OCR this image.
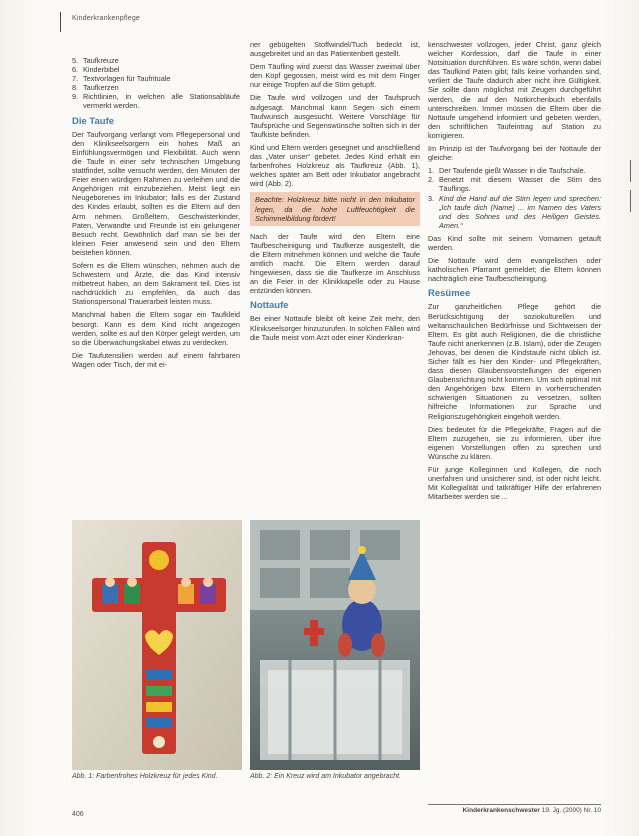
Kinderkrankenpflege
5. Taufkreuze
6. Kinderbibel
7. Textvorlagen für Taufrituale
8. Taufkerzen
9. Richtlinien, in welchen alle Stationsabläufe vermerkt werden.
Die Taufe

Der Taufvorgang verlangt vom Pflegepersonal und den Klinikseelsorgern ein hohes Maß an Einfühlungsvermögen und Flexibilität. Auch wenn die Taufe in einer sehr technischen Umgebung stattfindet, sollte versucht werden, den Minuten der Feier einen würdigen Rahmen zu verleihen und die Angehörigen mit einzubeziehen. Meist liegt ein Neugeborenes im Inkubator; falls es der Zustand des Kindes erlaubt, sollten es die Eltern auf den Arm nehmen. Großeltern, Geschwisterkinder, Paten, Verwandte und Freunde ist ein gelungener Besuch recht. Gewöhnlich darf man sie bei der kleinen Feier anwesend sein und den Eltern beistehen können.

Sofern es die Eltern wünschen, nehmen auch die Schwestern und Ärzte, die das Kind intensiv mitbetreut haben, an dem Sakrament teil. Dies ist nachdrücklich zu empfehlen, da auch das Stationspersonal Trauerarbeit leisten muss.

Manchmal haben die Eltern sogar ein Taufkleid besorgt. Kann es dem Kind nicht angezogen werden, sollte es auf den Körper gelegt werden, um so die Überwachungskabel etwas zu verdecken.

Die Taufutensilien werden auf einem fahrbaren Wagen oder Tisch, der mit ei-

ner gebügelten Stoffwindel/Tuch bedeckt ist, ausgebreitet und an das Patientenbett gestellt.

Dem Täufling wird zuerst das Wasser zweimal über den Kopf gegossen, meist wird es mit dem Finger nur einige Tropfen auf die Stirn getupft.

Die Taufe wird vollzogen und der Taufspruch aufgesagt. Manchmal kann Segen sich einem Taufwunsch ausgesucht. Weitere Vorschläge für Taufsprüche und Segenswünsche sollten sich in der Taufkiste befinden.

Kind und Eltern werden gesegnet und anschließend das „Vater unser“ gebetet. Jedes Kind erhält ein farbenfrohes Holzkreuz als Taufkreuz (Abb. 1), welches später am Bett oder Inkubator angebracht wird (Abb. 2).

Beachte: Holzkreuz bitte nicht in den Inkubator legen, da die hohe Luftfeuchtigkeit die Schimmelbildung fördert!

Nach der Taufe wird den Eltern eine Taufbescheinigung und Taufkerze ausgestellt, die die Eltern mitnehmen können und welche die Taufe amtlich macht. Die Eltern werden darauf hingewiesen, dass sie die Taufkerze im Anschluss an die Feier in der Klinikkapelle oder zu Hause entzünden können.

Nottaufe

Bei einer Nottaufe bleibt oft keine Zeit mehr, den Klinikseelsorger hinzuzurufen. In solchen Fällen wird die Taufe meist vom Arzt oder einer Kinderkran-

kenschwester vollzogen, jeder Christ, ganz gleich welcher Konfession, darf die Taufe in einer Notsituation durchführen. Es wäre schön, wenn dabei das Taufkind Paten gibt; falls keine vorhanden sind, verliert die Taufe dadurch aber nicht ihre Gültigkeit. Sie sollte dann möglichst mit Zeugen durchgeführt werden, die auf den Notkirchenbuch ebenfalls unterschreiben. Immer müssen die Eltern über die Nottaufe umgehend informiert und gebeten werden, den schriftlichen Taufeintrag auf Station zu korrigieren.

Im Prinzip ist der Taufvorgang bei der Nottaufe der gleiche:

1. Der Taufende gießt Wasser in die Taufschale.
2. Benetzt mit diesem Wasser die Stirn des Täuflings.
3. Kind die Hand auf die Stirn legen und sprechen: „Ich taufe dich (Name) ... im Namen des Vaters und des Sohnes und des Heiligen Geistes. Amen.“

Das Kind sollte mit seinem Vornamen getauft werden.

Die Nottaufe wird dem evangelischen oder katholischen Pfarramt gemeldet; die Eltern können nachträglich eine Taufbescheinigung.

Resümee

Zur ganzheitlichen Pflege gehört die Berücksichtigung der soziokulturellen und weltanschaulichen Bedürfnisse und Sichtweisen der Eltern. Es gibt auch Religionen, die die christliche Taufe nicht anerkennen (z.B. Islam), oder die Zeugen Jehovas, bei denen die Kindstaufe nicht üblich ist. Sicher fällt es hier den Kinder- und Pflegekräften, dass diesen Glaubensvorstellungen der eigenen Glaubensrichtung nicht kommen. Um sich optimal mit den Angehörigen bzw. Eltern in vorherrschenden schwierigen Situationen zu versetzen, sollten hilfreiche Informationen zur Sprache und Religionszugehörigkeit eingeholt werden.

Dies bedeutet für die Pflegekräfte, Fragen auf die Eltern zuzugehen, sie zu informieren, über ihre eigenen Vorstellungen offen zu sprechen und Wünsche zu klären.

Für junge Kolleginnen und Kollegen, die noch unerfahren und unsicherer sind, ist oder nicht leicht. Mit Kollegialität und tatkräftiger Hilfe der erfahrenen Mitarbeiter werden sie ...

Abb. 1: Farbenfrohes Holzkreuz für jedes Kind.	Abb. 2: Ein Kreuz wird am Inkubator angebracht.
406
Kinderkrankenschwester 19. Jg. (2000) Nr. 10
